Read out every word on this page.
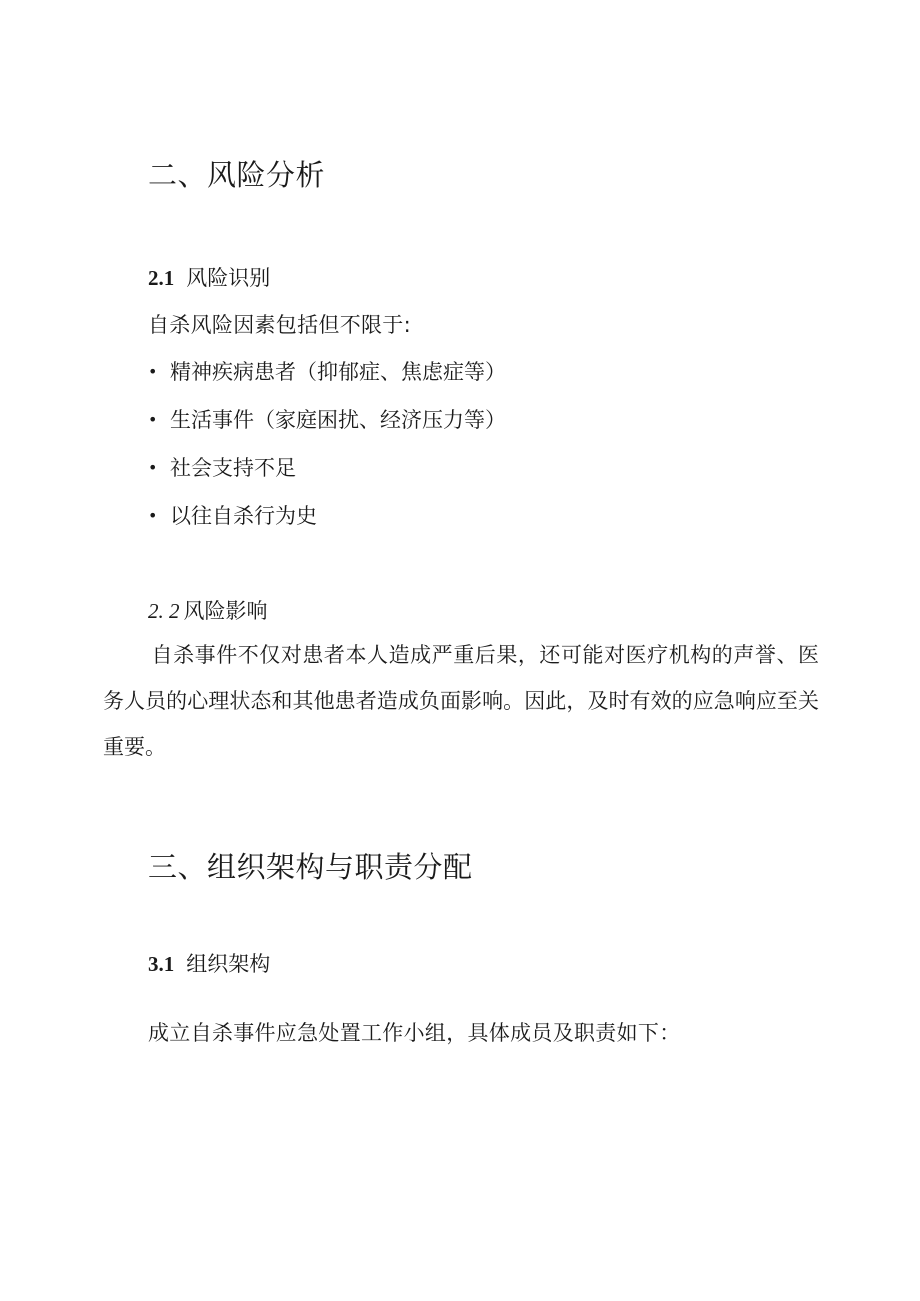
二、风险分析
2.1 风险识别

自杀风险因素包括但不限于:

• 精神疾病患者（抑郁症、焦虑症等）
• 生活事件（家庭困扰、经济压力等）
• 社会支持不足
• 以往自杀行为史
2. 2 风险影响

自杀事件不仅对患者本人造成严重后果，还可能对医疗机构的声誉、医务人员的心理状态和其他患者造成负面影响。因此，及时有效的应急响应至关重要。

三、组织架构与职责分配
3.1 组织架构

成立自杀事件应急处置工作小组，具体成员及职责如下：
